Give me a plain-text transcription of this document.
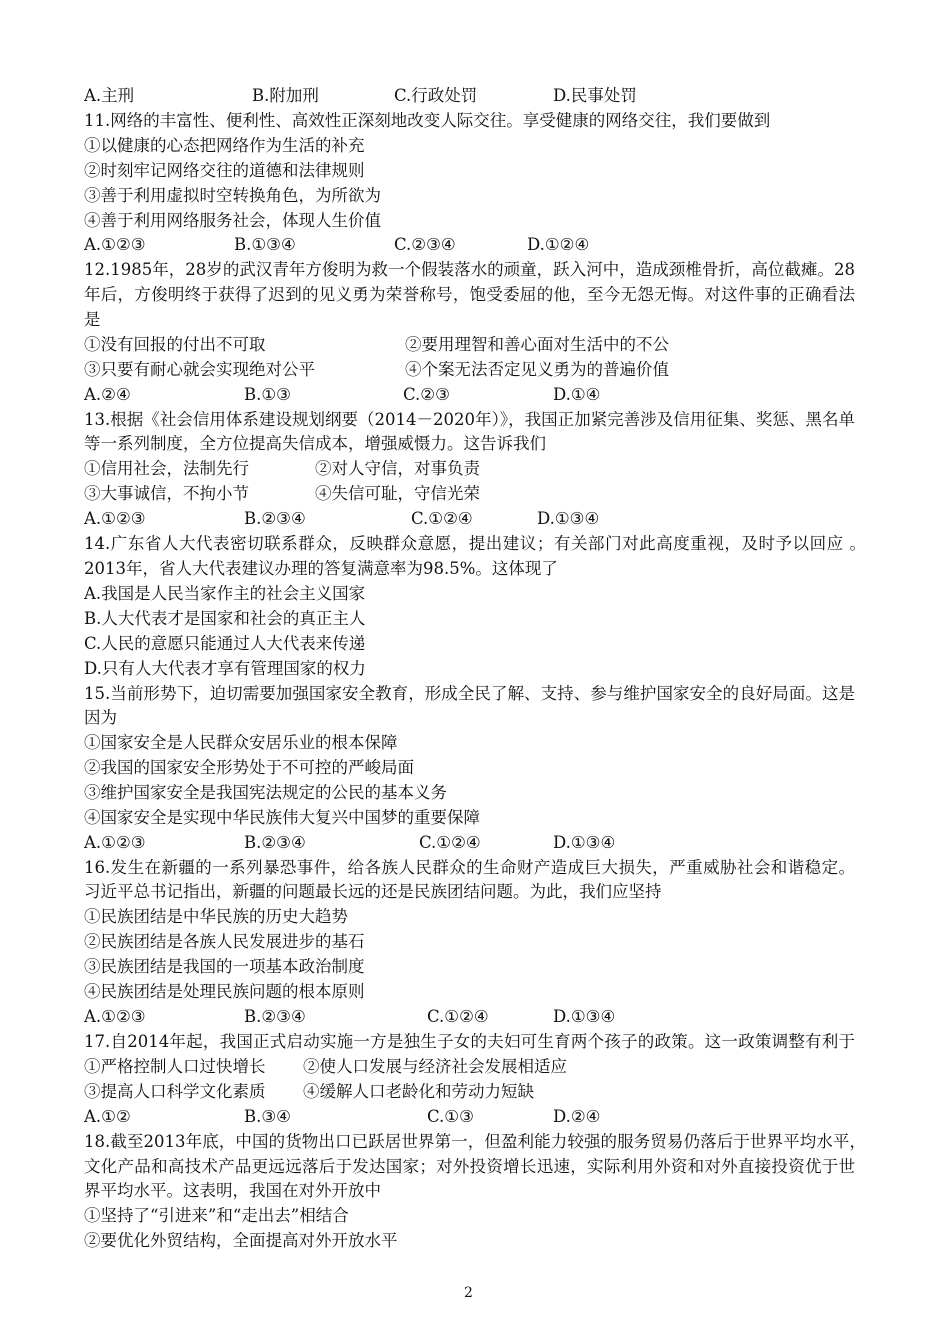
A.主刑	B.附加刑	C.行政处罚	D.民事处罚
11.网络的丰富性、便利性、高效性正深刻地改变人际交往。享受健康的网络交往，我们要做到
①以健康的心态把网络作为生活的补充
②时刻牢记网络交往的道德和法律规则
③善于利用虚拟时空转换角色，为所欲为
④善于利用网络服务社会，体现人生价值
A.①②③	B.①③④	C.②③④	D.①②④
12.1985年，28岁的武汉青年方俊明为救一个假装落水的顽童，跃入河中，造成颈椎骨折，高位截瘫。28
年后，方俊明终于获得了迟到的见义勇为荣誉称号，饱受委屈的他，至今无怨无悔。对这件事的正确看法
是
①没有回报的付出不可取	②要用理智和善心面对生活中的不公
③只要有耐心就会实现绝对公平	④个案无法否定见义勇为的普遍价值
A.②④	B.①③	C.②③	D.①④
13.根据《社会信用体系建设规划纲要（2014－2020年）》，我国正加紧完善涉及信用征集、奖惩、黑名单
等一系列制度，全方位提高失信成本，增强威慑力。这告诉我们
①信用社会，法制先行	②对人守信，对事负责
③大事诚信，不拘小节	④失信可耻，守信光荣
A.①②③	B.②③④	C.①②④	D.①③④
14.广东省人大代表密切联系群众，反映群众意愿，提出建议；有关部门对此高度重视，及时予以回应 。
2013年，省人大代表建议办理的答复满意率为98.5%。这体现了
A.我国是人民当家作主的社会主义国家
B.人大代表才是国家和社会的真正主人
C.人民的意愿只能通过人大代表来传递
D.只有人大代表才享有管理国家的权力
15.当前形势下，迫切需要加强国家安全教育，形成全民了解、支持、参与维护国家安全的良好局面。这是
因为
①国家安全是人民群众安居乐业的根本保障
②我国的国家安全形势处于不可控的严峻局面
③维护国家安全是我国宪法规定的公民的基本义务
④国家安全是实现中华民族伟大复兴中国梦的重要保障
A.①②③	B.②③④	C.①②④	D.①③④
16.发生在新疆的一系列暴恐事件，给各族人民群众的生命财产造成巨大损失，严重威胁社会和谐稳定。
习近平总书记指出，新疆的问题最长远的还是民族团结问题。为此，我们应坚持
①民族团结是中华民族的历史大趋势
②民族团结是各族人民发展进步的基石
③民族团结是我国的一项基本政治制度
④民族团结是处理民族问题的根本原则
A.①②③	B.②③④	C.①②④	D.①③④
17.自2014年起，我国正式启动实施一方是独生子女的夫妇可生育两个孩子的政策。这一政策调整有利于
①严格控制人口过快增长 ②使人口发展与经济社会发展相适应
③提高人口科学文化素质 ④缓解人口老龄化和劳动力短缺
A.①②	B.③④	C.①③	D.②④
18.截至2013年底，中国的货物出口已跃居世界第一，但盈利能力较强的服务贸易仍落后于世界平均水平，
文化产品和高技术产品更远远落后于发达国家；对外投资增长迅速，实际利用外资和对外直接投资优于世
界平均水平。这表明，我国在对外开放中
①坚持了“引进来”和“走出去”相结合
②要优化外贸结构，全面提高对外开放水平
2
